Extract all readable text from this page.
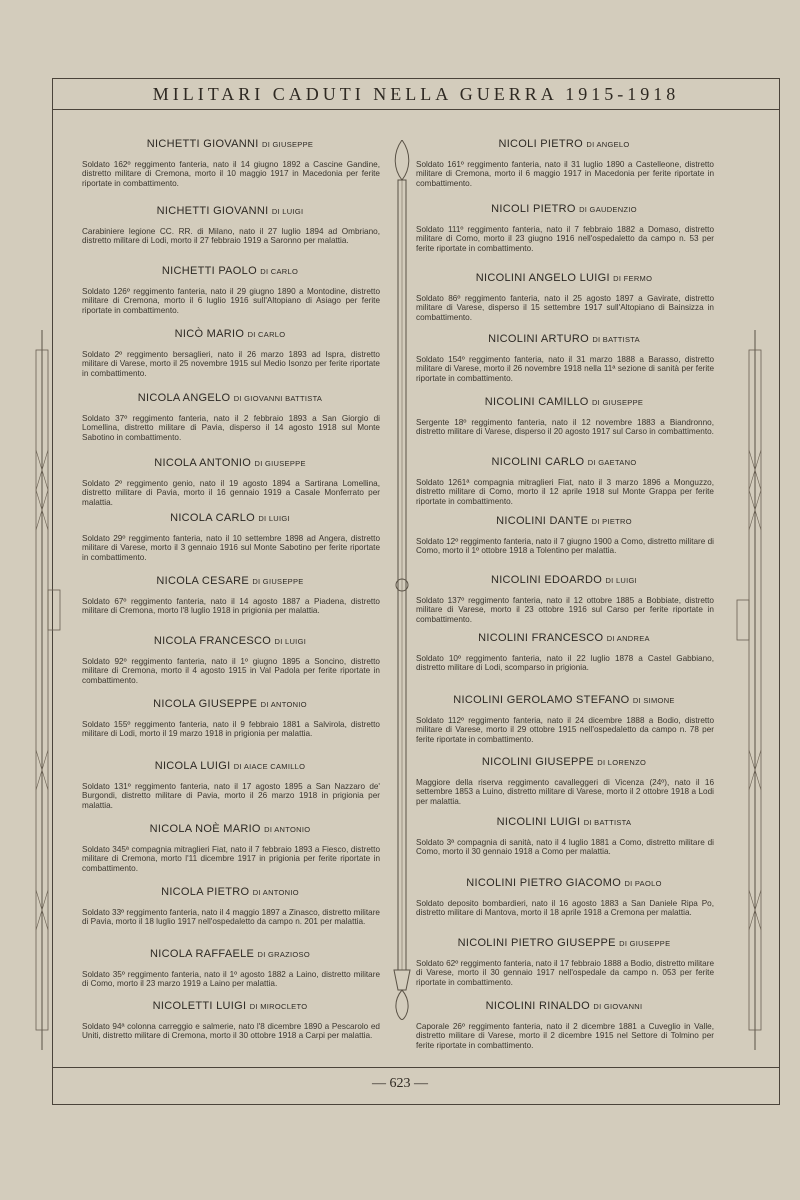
MILITARI CADUTI NELLA GUERRA 1915-1918
NICHETTI GIOVANNI DI GIUSEPPE

Soldato 162º reggimento fanteria, nato il 14 giugno 1892 a Cascine Gandine, distretto militare di Cremona, morto il 10 maggio 1917 in Macedonia per ferite riportate in combattimento.

NICHETTI GIOVANNI DI LUIGI

Carabiniere legione CC. RR. di Milano, nato il 27 luglio 1894 ad Ombriano, distretto militare di Lodi, morto il 27 febbraio 1919 a Saronno per malattia.

NICHETTI PAOLO DI CARLO

Soldato 126º reggimento fanteria, nato il 29 giugno 1890 a Montodine, distretto militare di Cremona, morto il 6 luglio 1916 sull'Altopiano di Asiago per ferite riportate in combattimento.

NICÒ MARIO DI CARLO

Soldato 2º reggimento bersaglieri, nato il 26 marzo 1893 ad Ispra, distretto militare di Varese, morto il 25 novembre 1915 sul Medio Isonzo per ferite riportate in combattimento.

NICOLA ANGELO DI GIOVANNI BATTISTA

Soldato 37º reggimento fanteria, nato il 2 febbraio 1893 a San Giorgio di Lomellina, distretto militare di Pavia, disperso il 14 agosto 1918 sul Monte Sabotino in combattimento.

NICOLA ANTONIO DI GIUSEPPE

Soldato 2º reggimento genio, nato il 19 agosto 1894 a Sartirana Lomellina, distretto militare di Pavia, morto il 16 gennaio 1919 a Casale Monferrato per malattia.

NICOLA CARLO DI LUIGI

Soldato 29º reggimento fanteria, nato il 10 settembre 1898 ad Angera, distretto militare di Varese, morto il 3 gennaio 1916 sul Monte Sabotino per ferite riportate in combattimento.

NICOLA CESARE DI GIUSEPPE

Soldato 67º reggimento fanteria, nato il 14 agosto 1887 a Piadena, distretto militare di Cremona, morto l'8 luglio 1918 in prigionia per malattia.

NICOLA FRANCESCO DI LUIGI

Soldato 92º reggimento fanteria, nato il 1º giugno 1895 a Soncino, distretto militare di Cremona, morto il 4 agosto 1915 in Val Padola per ferite riportate in combattimento.

NICOLA GIUSEPPE DI ANTONIO

Soldato 155º reggimento fanteria, nato il 9 febbraio 1881 a Salvirola, distretto militare di Lodi, morto il 19 marzo 1918 in prigionia per malattia.

NICOLA LUIGI DI AIACE CAMILLO

Soldato 131º reggimento fanteria, nato il 17 agosto 1895 a San Nazzaro de' Burgondi, distretto militare di Pavia, morto il 26 marzo 1918 in prigionia per malattia.

NICOLA NOÈ MARIO DI ANTONIO

Soldato 345ª compagnia mitraglieri Fiat, nato il 7 febbraio 1893 a Fiesco, distretto militare di Cremona, morto l'11 dicembre 1917 in prigionia per ferite riportate in combattimento.

NICOLA PIETRO DI ANTONIO

Soldato 33º reggimento fanteria, nato il 4 maggio 1897 a Zinasco, distretto militare di Pavia, morto il 18 luglio 1917 nell'ospedaletto da campo n. 201 per malattia.

NICOLA RAFFAELE DI GRAZIOSO

Soldato 35º reggimento fanteria, nato il 1º agosto 1882 a Laino, distretto militare di Como, morto il 23 marzo 1919 a Laino per malattia.

NICOLETTI LUIGI DI MIROCLETO

Soldato 94ª colonna carreggio e salmerie, nato l'8 dicembre 1890 a Pescarolo ed Uniti, distretto militare di Cremona, morto il 30 ottobre 1918 a Carpi per malattia.

NICOLI PIETRO DI ANGELO

Soldato 161º reggimento fanteria, nato il 31 luglio 1890 a Castelleone, distretto militare di Cremona, morto il 6 maggio 1917 in Macedonia per ferite riportate in combattimento.

NICOLI PIETRO DI GAUDENZIO

Soldato 111º reggimento fanteria, nato il 7 febbraio 1882 a Domaso, distretto militare di Como, morto il 23 giugno 1916 nell'ospedaletto da campo n. 53 per ferite riportate in combattimento.

NICOLINI ANGELO LUIGI DI FERMO

Soldato 86º reggimento fanteria, nato il 25 agosto 1897 a Gavirate, distretto militare di Varese, disperso il 15 settembre 1917 sull'Altopiano di Bainsizza in combattimento.

NICOLINI ARTURO DI BATTISTA

Soldato 154º reggimento fanteria, nato il 31 marzo 1888 a Barasso, distretto militare di Varese, morto il 26 novembre 1918 nella 11ª sezione di sanità per ferite riportate in combattimento.

NICOLINI CAMILLO DI GIUSEPPE

Sergente 18º reggimento fanteria, nato il 12 novembre 1883 a Biandronno, distretto militare di Varese, disperso il 20 agosto 1917 sul Carso in combattimento.

NICOLINI CARLO DI GAETANO

Soldato 1261ª compagnia mitraglieri Fiat, nato il 3 marzo 1896 a Monguzzo, distretto militare di Como, morto il 12 aprile 1918 sul Monte Grappa per ferite riportate in combattimento.

NICOLINI DANTE DI PIETRO

Soldato 12º reggimento fanteria, nato il 7 giugno 1900 a Como, distretto militare di Como, morto il 1º ottobre 1918 a Tolentino per malattia.

NICOLINI EDOARDO DI LUIGI

Soldato 137º reggimento fanteria, nato il 12 ottobre 1885 a Bobbiate, distretto militare di Varese, morto il 23 ottobre 1916 sul Carso per ferite riportate in combattimento.

NICOLINI FRANCESCO DI ANDREA

Soldato 10º reggimento fanteria, nato il 22 luglio 1878 a Castel Gabbiano, distretto militare di Lodi, scomparso in prigionia.

NICOLINI GEROLAMO STEFANO DI SIMONE

Soldato 112º reggimento fanteria, nato il 24 dicembre 1888 a Bodio, distretto militare di Varese, morto il 29 ottobre 1915 nell'ospedaletto da campo n. 78 per ferite riportate in combattimento.

NICOLINI GIUSEPPE DI LORENZO

Maggiore della riserva reggimento cavalleggeri di Vicenza (24º), nato il 16 settembre 1853 a Luino, distretto militare di Varese, morto il 2 ottobre 1918 a Lodi per malattia.

NICOLINI LUIGI DI BATTISTA

Soldato 3ª compagnia di sanità, nato il 4 luglio 1881 a Como, distretto militare di Como, morto il 30 gennaio 1918 a Como per malattia.

NICOLINI PIETRO GIACOMO DI PAOLO

Soldato deposito bombardieri, nato il 16 agosto 1883 a San Daniele Ripa Po, distretto militare di Mantova, morto il 18 aprile 1918 a Cremona per malattia.

NICOLINI PIETRO GIUSEPPE DI GIUSEPPE

Soldato 62º reggimento fanteria, nato il 17 febbraio 1888 a Bodio, distretto militare di Varese, morto il 30 gennaio 1917 nell'ospedale da campo n. 053 per ferite riportate in combattimento.

NICOLINI RINALDO DI GIOVANNI

Caporale 26º reggimento fanteria, nato il 2 dicembre 1881 a Cuveglio in Valle, distretto militare di Varese, morto il 2 dicembre 1915 nel Settore di Tolmino per ferite riportate in combattimento.

— 623 —
